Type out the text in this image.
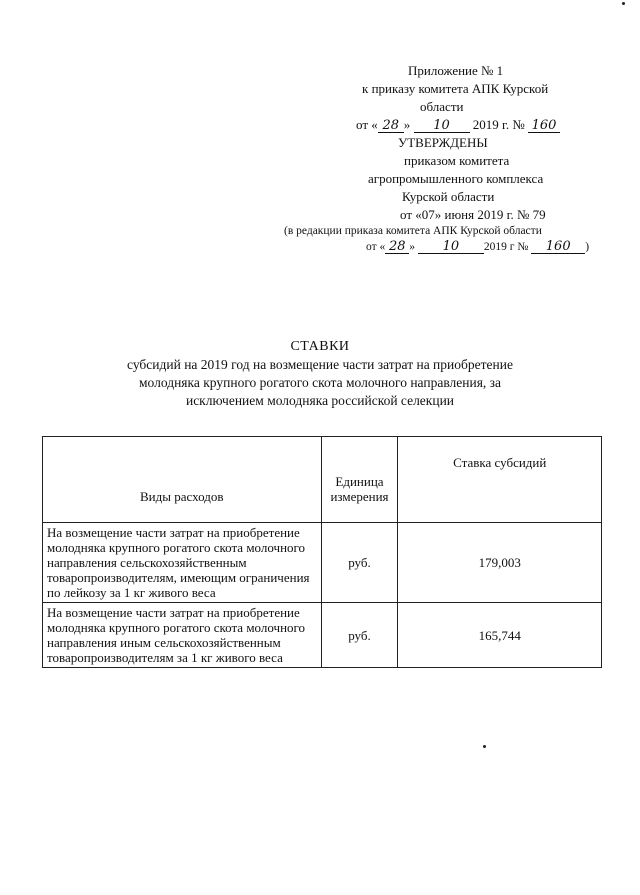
Приложение № 1
к приказу комитета АПК Курской
области
от « 28 » 10 2019 г. № 160
УТВЕРЖДЕНЫ
приказом комитета
агропромышленного комплекса
Курской области
от «07» июня 2019 г. № 79
(в редакции приказа комитета АПК Курской области
от « 28 » 10 2019 г № 160 )
СТАВКИ
субсидий на 2019 год на возмещение части затрат на приобретение
молодняка крупного рогатого скота молочного направления, за
исключением молодняка российской селекции
Виды расходов	Единица измерения	Ставка субсидий
На возмещение части затрат на приобретение молодняка крупного рогатого скота молочного направления сельскохозяйственным товаропроизводителям, имеющим ограничения по лейкозу за 1 кг живого веса	руб.	179,003
На возмещение части затрат на приобретение молодняка крупного рогатого скота молочного направления иным сельскохозяйственным товаропроизводителям за 1 кг живого веса	руб.	165,744
